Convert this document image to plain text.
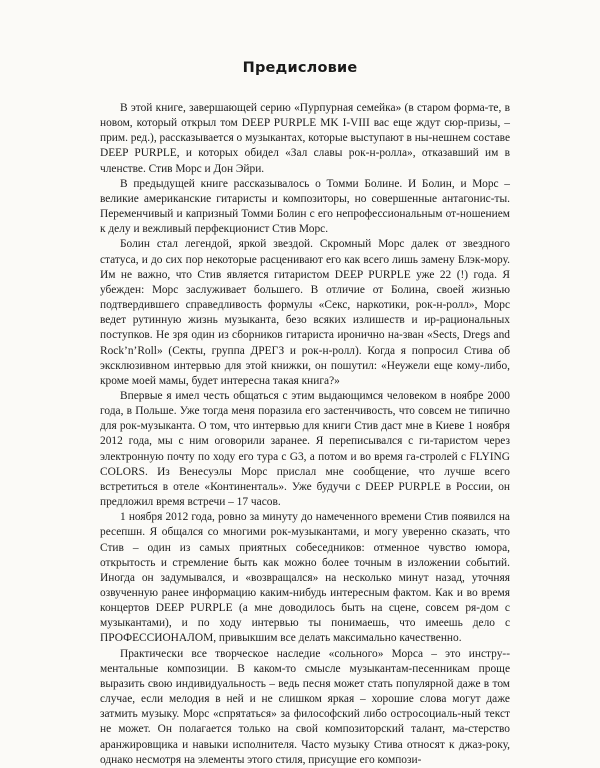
Предисловие

В этой книге, завершающей серию «Пурпурная семейка» (в старом форма-те, в новом, который открыл том DEEP PURPLE MK I-VIII вас еще ждут сюр-призы, – прим. ред.), рассказывается о музыкантах, которые выступают в ны-нешнем составе DEEP PURPLE, и которых обидел «Зал славы рок-н-ролла», отказавший им в членстве. Стив Морс и Дон Эйри.

В предыдущей книге рассказывалось о Томми Болине. И Болин, и Морс – великие американские гитаристы и композиторы, но совершенные антагонис-ты. Переменчивый и капризный Томми Болин с его непрофессиональным от-ношением к делу и вежливый перфекционист Стив Морс.

Болин стал легендой, яркой звездой. Скромный Морс далек от звездного статуса, и до сих пор некоторые расценивают его как всего лишь замену Блэк-мору. Им не важно, что Стив является гитаристом DEEP PURPLE уже 22 (!) года. Я убежден: Морс заслуживает большего. В отличие от Болина, своей жизнью подтвердившего справедливость формулы «Секс, наркотики, рок-н-ролл», Морс ведет рутинную жизнь музыканта, безо всяких излишеств и ир-рациональных поступков. Не зря один из сборников гитариста иронично на-зван «Sects, Dregs and Rock’n’Roll» (Секты, группа ДРЕГЗ и рок-н-ролл). Когда я попросил Стива об эксклюзивном интервью для этой книжки, он пошутил: «Неужели еще кому-либо, кроме моей мамы, будет интересна такая книга?»

Впервые я имел честь общаться с этим выдающимся человеком в ноябре 2000 года, в Польше. Уже тогда меня поразила его застенчивость, что совсем не типично для рок-музыканта. О том, что интервью для книги Стив даст мне в Киеве 1 ноября 2012 года, мы с ним оговорили заранее. Я переписывался с ги-таристом через электронную почту по ходу его тура с G3, а потом и во время га-стролей с FLYING COLORS. Из Венесуэлы Морс прислал мне сообщение, что лучше всего встретиться в отеле «Континенталь». Уже будучи с DEEP PURPLE в России, он предложил время встречи – 17 часов.

1 ноября 2012 года, ровно за минуту до намеченного времени Стив появился на ресепшн. Я общался со многими рок-музыкантами, и могу уверенно сказать, что Стив – один из самых приятных собеседников: отменное чувство юмора, открытость и стремление быть как можно более точным в изложении событий. Иногда он задумывался, и «возвращался» на несколько минут назад, уточняя озвученную ранее информацию каким-нибудь интересным фактом. Как и во время концертов DEEP PURPLE (а мне доводилось быть на сцене, совсем ря-дом с музыкантами), и по ходу интервью ты понимаешь, что имеешь дело с ПРОФЕССИОНАЛОМ, привыкшим все делать максимально качественно.

Практически все творческое наследие «сольного» Морса – это инстру-ментальные композиции. В каком-то смысле музыкантам-песенникам проще выразить свою индивидуальность – ведь песня может стать популярной даже в том случае, если мелодия в ней и не слишком яркая – хорошие слова могут даже затмить музыку. Морс «спрятаться» за философский либо остросоциаль-ный текст не может. Он полагается только на свой композиторский талант, ма-стерство аранжировщика и навыки исполнителя. Часто музыку Стива относят к джаз-року, однако несмотря на элементы этого стиля, присущие его компози-
